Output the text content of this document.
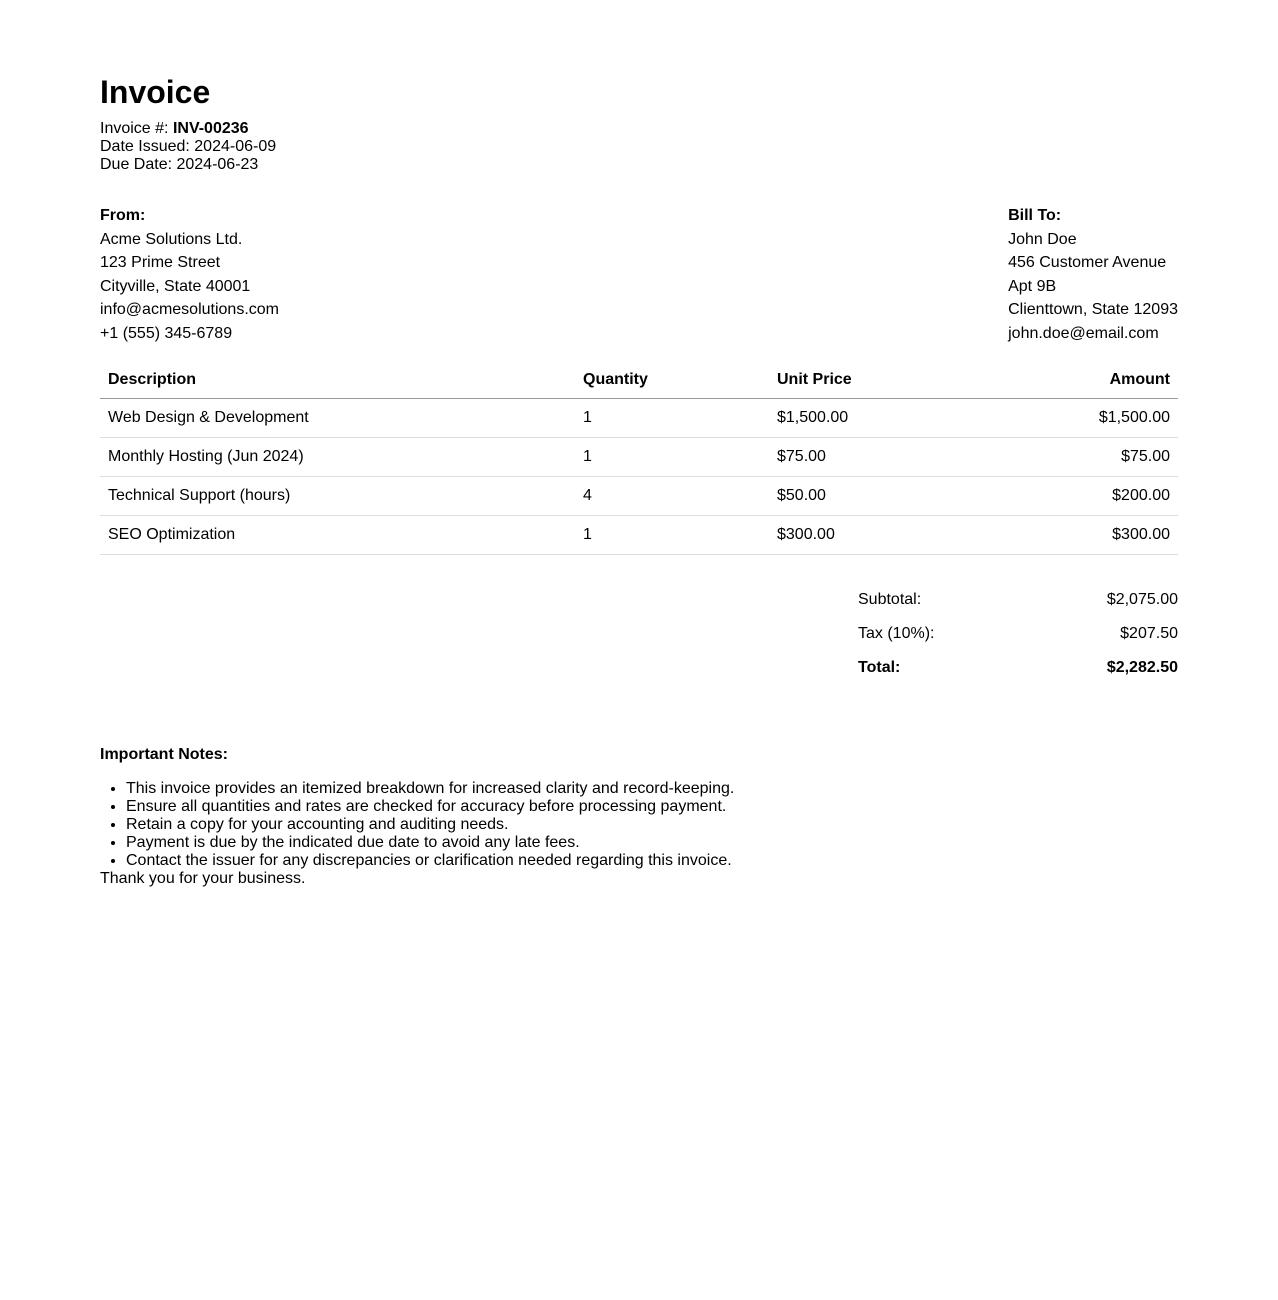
Invoice
Invoice #: INV-00236
Date Issued: 2024-06-09
Due Date: 2024-06-23
From:
Acme Solutions Ltd.
123 Prime Street
Cityville, State 40001
info@acmesolutions.com
+1 (555) 345-6789
Bill To:
John Doe
456 Customer Avenue
Apt 9B
Clienttown, State 12093
john.doe@email.com
Description	Quantity	Unit Price	Amount
Web Design & Development	1	$1,500.00	$1,500.00
Monthly Hosting (Jun 2024)	1	$75.00	$75.00
Technical Support (hours)	4	$50.00	$200.00
SEO Optimization	1	$300.00	$300.00
Subtotal:	$2,075.00
Tax (10%):	$207.50
Total:	$2,282.50
Important Notes:
• This invoice provides an itemized breakdown for increased clarity and record-keeping.
• Ensure all quantities and rates are checked for accuracy before processing payment.
• Retain a copy for your accounting and auditing needs.
• Payment is due by the indicated due date to avoid any late fees.
• Contact the issuer for any discrepancies or clarification needed regarding this invoice.
Thank you for your business.
